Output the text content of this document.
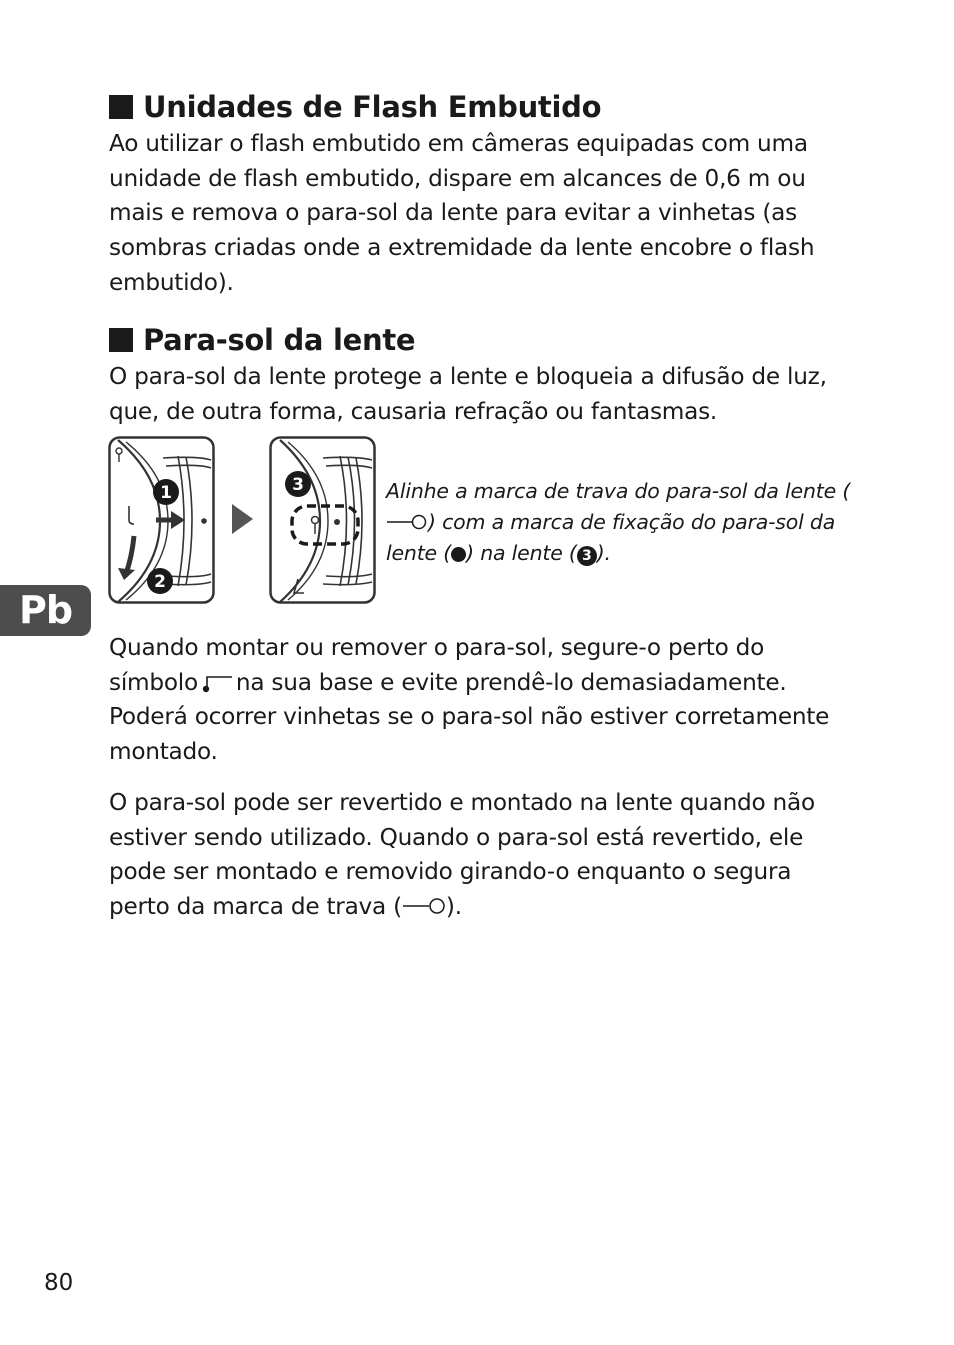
Unidades de Flash Embutido

Ao utilizar o flash embutido em câmeras equipadas com uma unidade de flash embutido, dispare em alcances de 0,6 m ou mais e remova o para-sol da lente para evitar a vinhetas (as sombras criadas onde a extremidade da lente encobre o flash embutido).

Para-sol da lente

O para-sol da lente protege a lente e bloqueia a difusão de luz, que, de outra forma, causaria refração ou fantasmas.

1
2
3	Alinhe a marca de trava do para-sol da lente () com a marca de fixação do para-sol da lente ( ) na lente ( 3 ).

Pb

Quando montar ou remover o para-sol, segure-o perto do símbolo na sua base e evite prendê-lo demasiadamente. Poderá ocorrer vinhetas se o para-sol não estiver corretamente montado.

O para-sol pode ser revertido e montado na lente quando não estiver sendo utilizado. Quando o para-sol está revertido, ele pode ser montado e removido girando-o enquanto o segura perto da marca de trava ( ).

80
